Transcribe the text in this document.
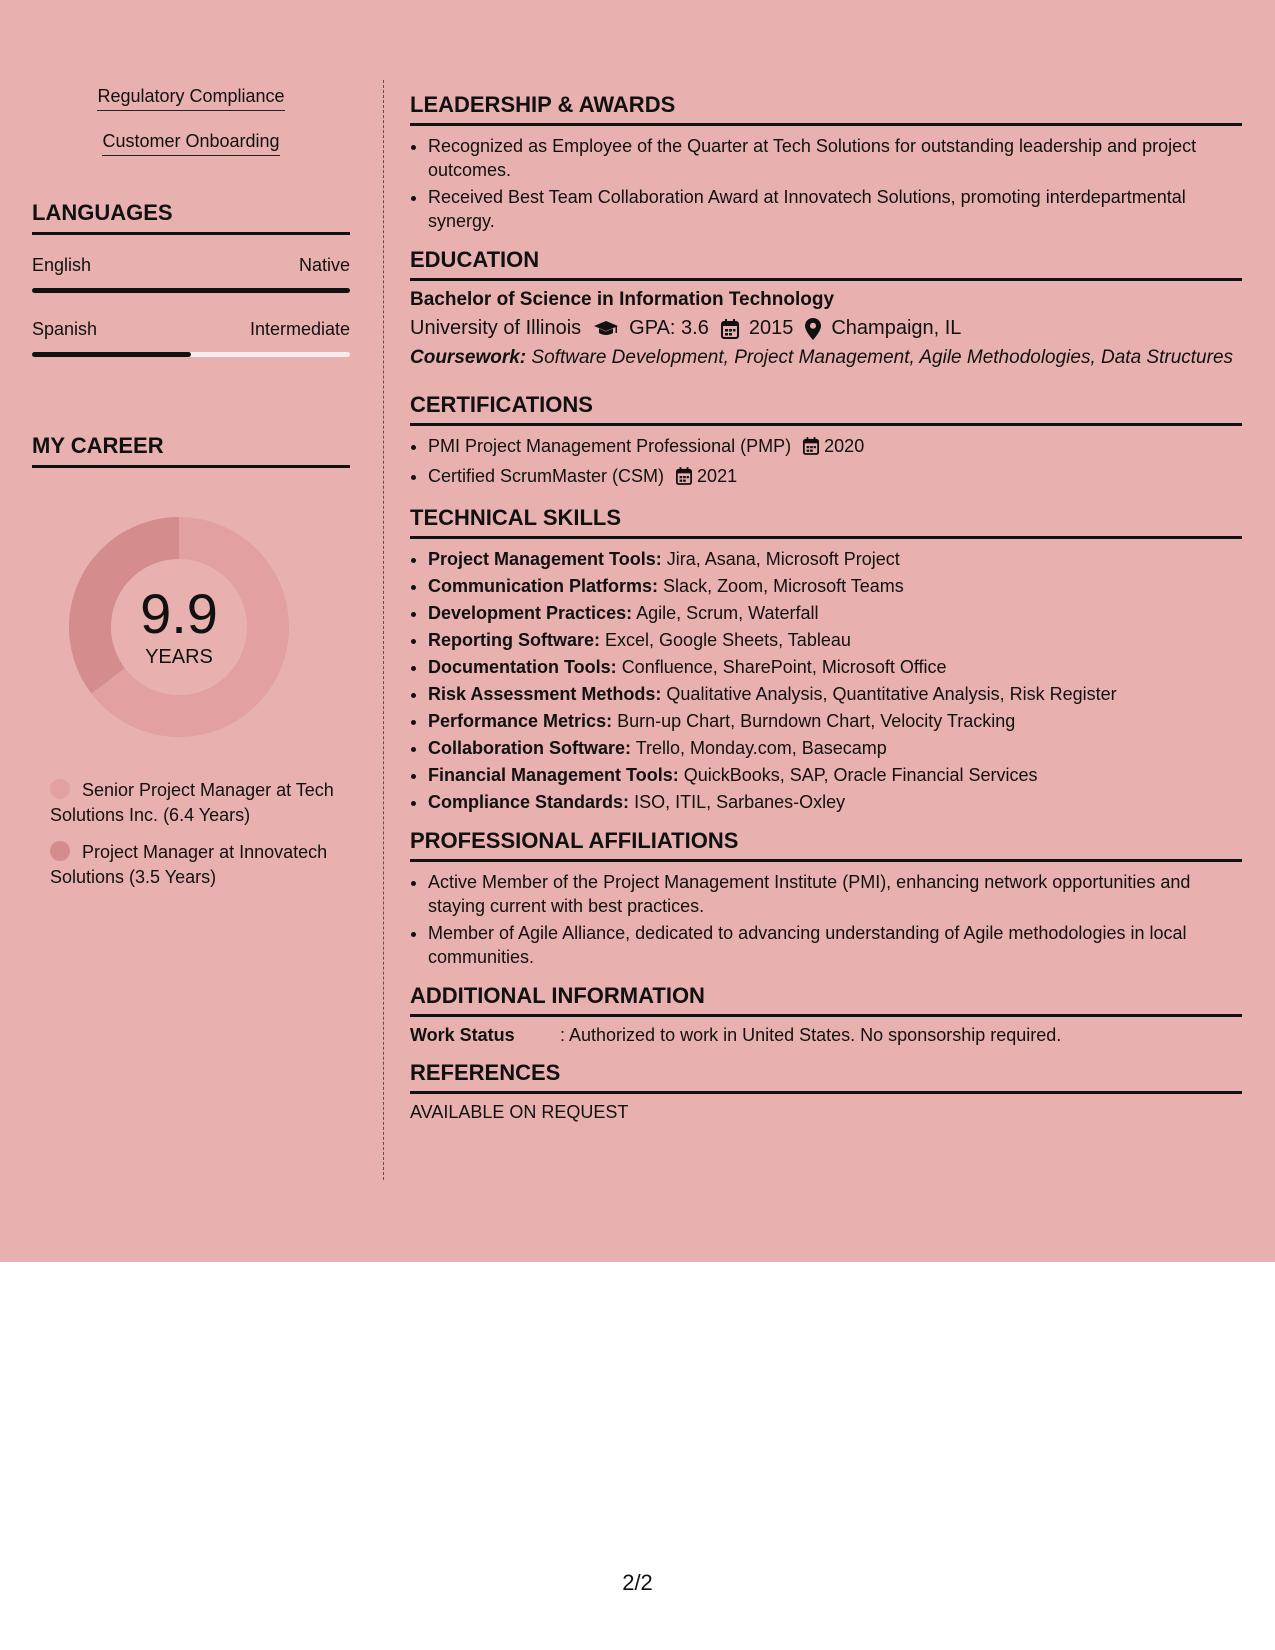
Regulatory Compliance
Customer Onboarding
LANGUAGES
English	Native
Spanish	Intermediate
MY CAREER
9.9
YEARS
Senior Project Manager at Tech Solutions Inc. (6.4 Years)
Project Manager at Innovatech Solutions (3.5 Years)
LEADERSHIP & AWARDS
• Recognized as Employee of the Quarter at Tech Solutions for outstanding leadership and project outcomes.
• Received Best Team Collaboration Award at Innovatech Solutions, promoting interdepartmental synergy.
EDUCATION
Bachelor of Science in Information Technology
University of Illinois GPA: 3.6 2015 Champaign, IL
Coursework: Software Development, Project Management, Agile Methodologies, Data Structures
CERTIFICATIONS
• PMI Project Management Professional (PMP) 2020
• Certified ScrumMaster (CSM) 2021
TECHNICAL SKILLS
• Project Management Tools: Jira, Asana, Microsoft Project
• Communication Platforms: Slack, Zoom, Microsoft Teams
• Development Practices: Agile, Scrum, Waterfall
• Reporting Software: Excel, Google Sheets, Tableau
• Documentation Tools: Confluence, SharePoint, Microsoft Office
• Risk Assessment Methods: Qualitative Analysis, Quantitative Analysis, Risk Register
• Performance Metrics: Burn-up Chart, Burndown Chart, Velocity Tracking
• Collaboration Software: Trello, Monday.com, Basecamp
• Financial Management Tools: QuickBooks, SAP, Oracle Financial Services
• Compliance Standards: ISO, ITIL, Sarbanes-Oxley
PROFESSIONAL AFFILIATIONS
• Active Member of the Project Management Institute (PMI), enhancing network opportunities and staying current with best practices.
• Member of Agile Alliance, dedicated to advancing understanding of Agile methodologies in local communities.
ADDITIONAL INFORMATION
Work Status	: Authorized to work in United States. No sponsorship required.
REFERENCES
AVAILABLE ON REQUEST
2/2
